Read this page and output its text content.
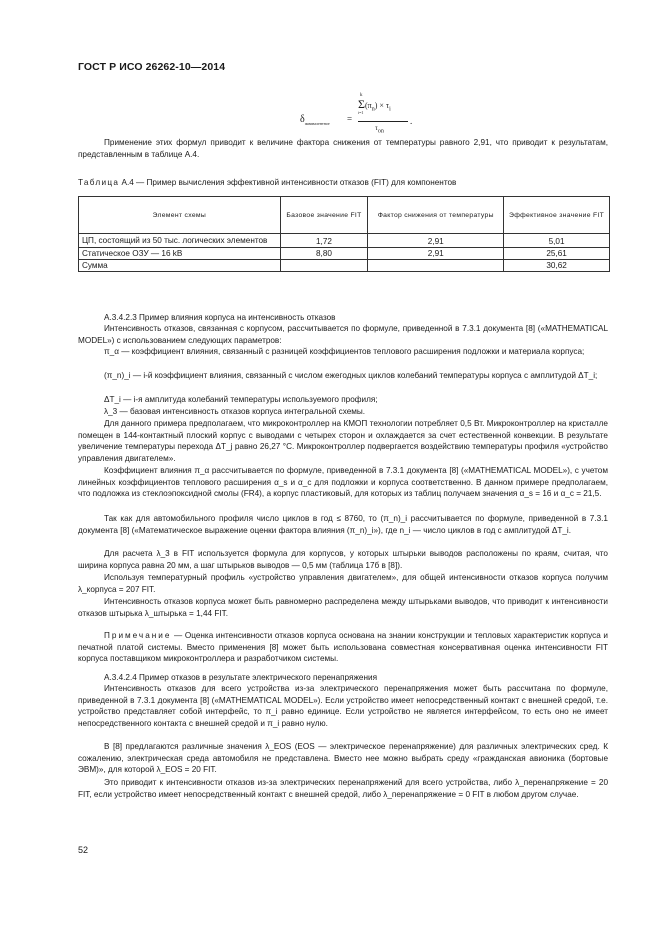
ГОСТ Р ИСО 26262-10—2014
$\delta_{эквивалентное}$ =
k
Σ
i=1
$(\pi_n) \times \tau_i$
$\tau_{on}$
.
Применение этих формул приводит к величине фактора снижения от температуры равного 2,91, что приводит к результатам, представленным в таблице А.4.
Таблица А.4 — Пример вычисления эффективной интенсивности отказов (FIT) для компонентов
Элемент схемы	Базовое значение FIT	Фактор снижения от температуры	Эффективное значение FIT
ЦП, состоящий из 50 тыс. логических элементов	1,72	2,91	5,01
Статическое ОЗУ — 16 kB	8,80	2,91	25,61
Сумма			30,62
А.3.4.2.3 Пример влияния корпуса на интенсивность отказов
Интенсивность отказов, связанная с корпусом, рассчитывается по формуле, приведенной в 7.3.1 документа [8] («MATHEMATICAL MODEL») с использованием следующих параметров:
π_α — коэффициент влияния, связанный с разницей коэффициентов теплового расширения подложки и материала корпуса;
(π_n)_i — i-й коэффициент влияния, связанный с числом ежегодных циклов колебаний температуры корпуса с амплитудой ΔT_i;
ΔT_i — i-я амплитуда колебаний температуры используемого профиля;
λ_3 — базовая интенсивность отказов корпуса интегральной схемы.
Для данного примера предполагаем, что микроконтроллер на КМОП технологии потребляет 0,5 Вт. Микроконтроллер на кристалле помещен в 144-контактный плоский корпус с выводами с четырех сторон и охлаждается за счет естественной конвекции. В результате увеличение температуры перехода ΔT_j равно 26,27 °C. Микроконтроллер подвергается воздействию температуры профиля «устройство управления двигателем».
Коэффициент влияния π_α рассчитывается по формуле, приведенной в 7.3.1 документа [8] («MATHEMATICAL MODEL»), с учетом линейных коэффициентов теплового расширения α_s и α_c для подложки и корпуса соответственно. В данном примере предполагаем, что подложка из стеклоэпоксидной смолы (FR4), а корпус пластиковый, для которых из таблиц получаем значения α_s = 16 и α_c = 21,5.
Так как для автомобильного профиля число циклов в год ≤ 8760, то (π_n)_i рассчитывается по формуле, приведенной в 7.3.1 документа [8] («Математическое выражение оценки фактора влияния (π_n)_i»), где n_i — число циклов в год с амплитудой ΔT_i.
Для расчета λ_3 в FIT используется формула для корпусов, у которых штырьки выводов расположены по краям, считая, что ширина корпуса равна 20 мм, а шаг штырьков выводов — 0,5 мм (таблица 17б в [8]).
Используя температурный профиль «устройство управления двигателем», для общей интенсивности отказов корпуса получим λ_корпуса = 207 FIT.
Интенсивность отказов корпуса может быть равномерно распределена между штырьками выводов, что приводит к интенсивности отказов штырька λ_штырька = 1,44 FIT.
Примечание — Оценка интенсивности отказов корпуса основана на знании конструкции и тепловых характеристик корпуса и печатной платой системы. Вместо применения [8] может быть использована совместная консервативная оценка интенсивности FIT корпуса поставщиком микроконтроллера и разработчиком системы.
А.3.4.2.4 Пример отказов в результате электрического перенапряжения
Интенсивность отказов для всего устройства из-за электрического перенапряжения может быть рассчитана по формуле, приведенной в 7.3.1 документа [8] («MATHEMATICAL MODEL»). Если устройство имеет непосредственный контакт с внешней средой, т.е. устройство представляет собой интерфейс, то π_i равно единице. Если устройство не является интерфейсом, то есть оно не имеет непосредственного контакта с внешней средой и π_i равно нулю.
В [8] предлагаются различные значения λ_EOS (EOS — электрическое перенапряжение) для различных электрических сред. К сожалению, электрическая среда автомобиля не представлена. Вместо нее можно выбрать среду «гражданская авионика (бортовые ЭВМ)», для которой λ_EOS = 20 FIT.
Это приводит к интенсивности отказов из-за электрических перенапряжений для всего устройства, либо λ_перенапряжение = 20 FIT, если устройство имеет непосредственный контакт с внешней средой, либо λ_перенапряжение = 0 FIT в любом другом случае.
52
